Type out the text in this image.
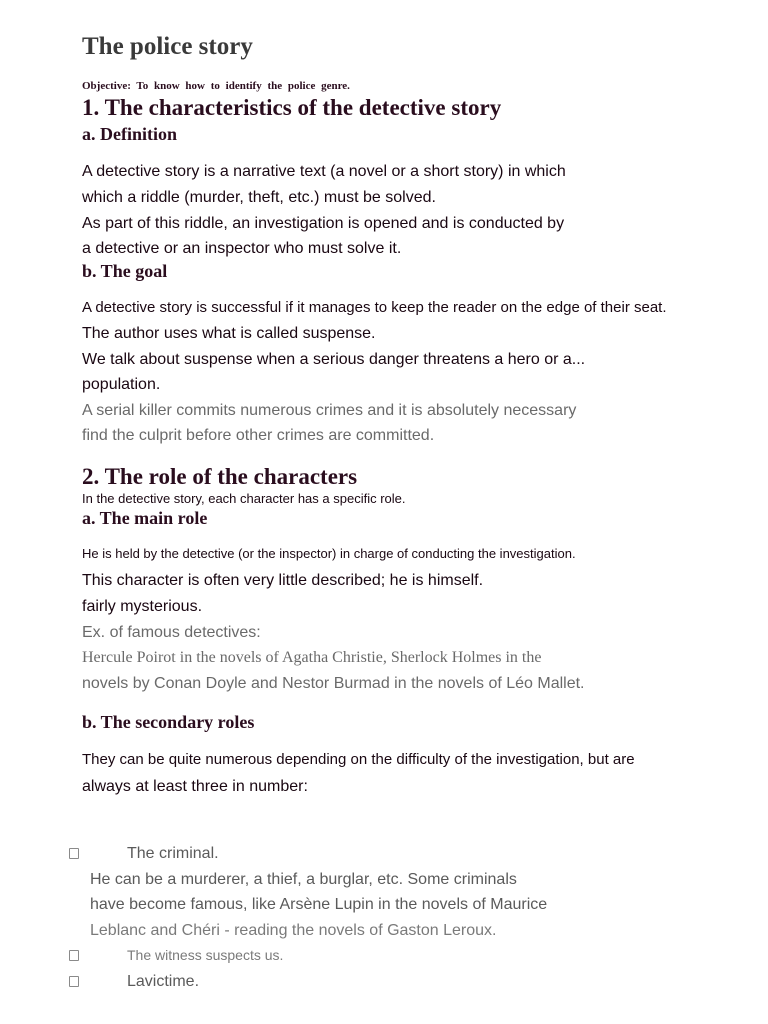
The police story
Objective: To know how to identify the police genre.
1. The characteristics of the detective story
a. Definition
A detective story is a narrative text (a novel or a short story) in which
which a riddle (murder, theft, etc.) must be solved.
As part of this riddle, an investigation is opened and is conducted by
a detective or an inspector who must solve it.
b. The goal
A detective story is successful if it manages to keep the reader on the edge of their seat.
The author uses what is called suspense.
We talk about suspense when a serious danger threatens a hero or a...
population.
A serial killer commits numerous crimes and it is absolutely necessary
find the culprit before other crimes are committed.
2. The role of the characters
In the detective story, each character has a specific role.
a. The main role
He is held by the detective (or the inspector) in charge of conducting the investigation.
This character is often very little described; he is himself.
fairly mysterious.
Ex. of famous detectives:
Hercule Poirot in the novels of Agatha Christie, Sherlock Holmes in the
novels by Conan Doyle and Nestor Burmad in the novels of Léo Mallet.
b. The secondary roles
They can be quite numerous depending on the difficulty of the investigation, but are
always at least three in number:
The criminal.
He can be a murderer, a thief, a burglar, etc. Some criminals
have become famous, like Arsène Lupin in the novels of Maurice
Leblanc and Chéri - reading the novels of Gaston Leroux.
The witness suspects us.
Lavictime.
